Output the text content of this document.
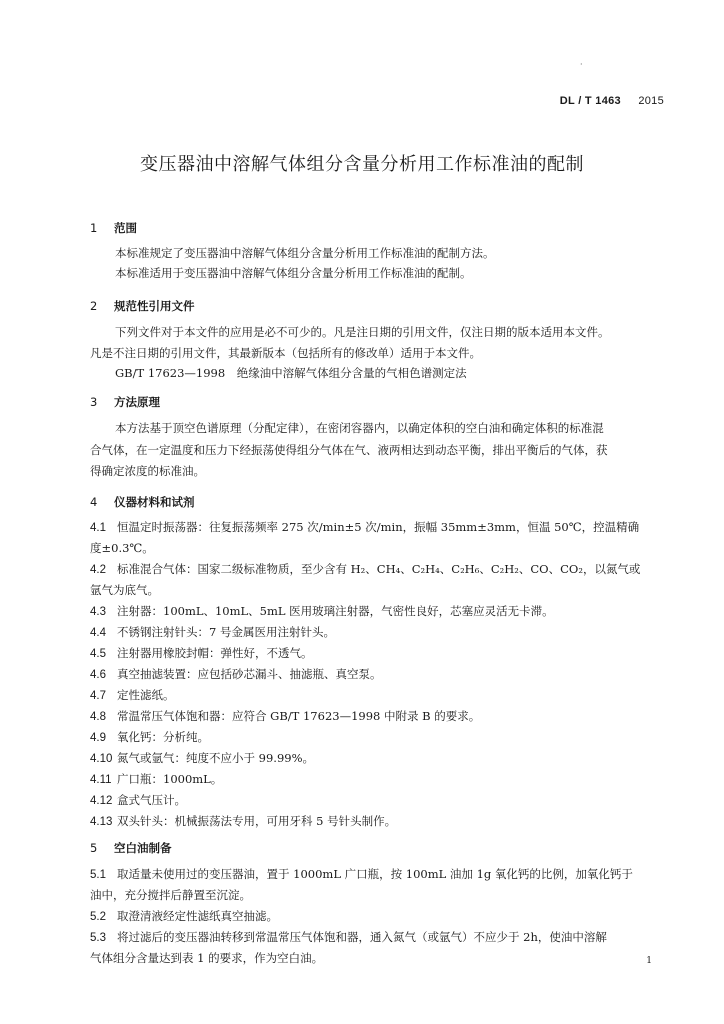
·
DL / T 1463 2015
变压器油中溶解气体组分含量分析用工作标准油的配制
1 范围
本标准规定了变压器油中溶解气体组分含量分析用工作标准油的配制方法。
本标准适用于变压器油中溶解气体组分含量分析用工作标准油的配制。
2 规范性引用文件
下列文件对于本文件的应用是必不可少的。凡是注日期的引用文件，仅注日期的版本适用本文件。
凡是不注日期的引用文件，其最新版本（包括所有的修改单）适用于本文件。
GB/T 17623—1998　绝缘油中溶解气体组分含量的气相色谱测定法
3 方法原理
本方法基于顶空色谱原理（分配定律），在密闭容器内，以确定体积的空白油和确定体积的标准混
合气体，在一定温度和压力下经振荡使得组分气体在气、液两相达到动态平衡，排出平衡后的气体，获
得确定浓度的标准油。
4 仪器材料和试剂
4.1 恒温定时振荡器：往复振荡频率 275 次/min±5 次/min，振幅 35mm±3mm，恒温 50℃，控温精确
度±0.3℃。
4.2 标准混合气体：国家二级标准物质，至少含有 H₂、CH₄、C₂H₄、C₂H₆、C₂H₂、CO、CO₂，以氮气或
氩气为底气。
4.3 注射器：100mL、10mL、5mL 医用玻璃注射器，气密性良好，芯塞应灵活无卡滞。
4.4 不锈钢注射针头：7 号金属医用注射针头。
4.5 注射器用橡胶封帽：弹性好，不透气。
4.6 真空抽滤装置：应包括砂芯漏斗、抽滤瓶、真空泵。
4.7 定性滤纸。
4.8 常温常压气体饱和器：应符合 GB/T 17623—1998 中附录 B 的要求。
4.9 氧化钙：分析纯。
4.10 氮气或氩气：纯度不应小于 99.99%。
4.11 广口瓶：1000mL。
4.12 盒式气压计。
4.13 双头针头：机械振荡法专用，可用牙科 5 号针头制作。
5 空白油制备
5.1 取适量未使用过的变压器油，置于 1000mL 广口瓶，按 100mL 油加 1g 氧化钙的比例，加氧化钙于
油中，充分搅拌后静置至沉淀。
5.2 取澄清液经定性滤纸真空抽滤。
5.3 将过滤后的变压器油转移到常温常压气体饱和器，通入氮气（或氩气）不应少于 2h，使油中溶解
气体组分含量达到表 1 的要求，作为空白油。	1
